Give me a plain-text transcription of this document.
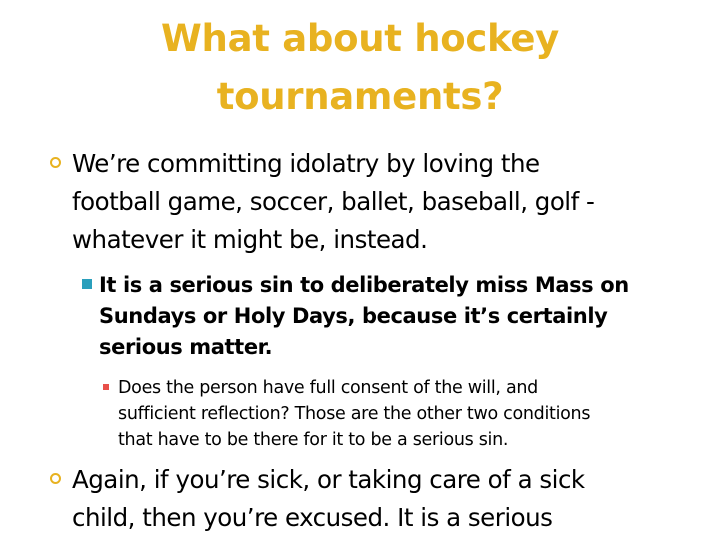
What about hockey
tournaments?
We’re committing idolatry by loving the
football game, soccer, ballet, baseball, golf -
whatever it might be, instead.
It is a serious sin to deliberately miss Mass on
Sundays or Holy Days, because it’s certainly
serious matter.
Does the person have full consent of the will, and
sufficient reflection? Those are the other two conditions
that have to be there for it to be a serious sin.
Again, if you’re sick, or taking care of a sick
child, then you’re excused. It is a serious
